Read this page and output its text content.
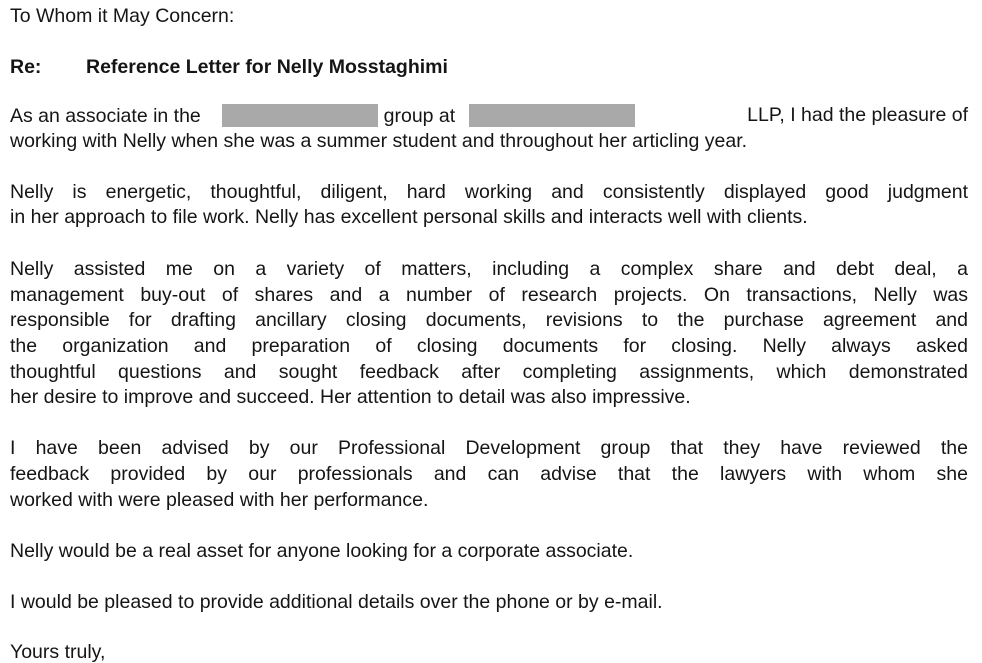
To Whom it May Concern:
Re: Reference Letter for Nelly Mosstaghimi
As an associate in the	group at	LLP, I had the pleasure of
working with Nelly when she was a summer student and throughout her articling year.
Nelly is energetic, thoughtful, diligent, hard working and consistently displayed good judgment
in her approach to file work. Nelly has excellent personal skills and interacts well with clients.
Nelly assisted me on a variety of matters, including a complex share and debt deal, a
management buy-out of shares and a number of research projects. On transactions, Nelly was
responsible for drafting ancillary closing documents, revisions to the purchase agreement and
the organization and preparation of closing documents for closing. Nelly always asked
thoughtful questions and sought feedback after completing assignments, which demonstrated
her desire to improve and succeed. Her attention to detail was also impressive.
I have been advised by our Professional Development group that they have reviewed the
feedback provided by our professionals and can advise that the lawyers with whom she
worked with were pleased with her performance.
Nelly would be a real asset for anyone looking for a corporate associate.
I would be pleased to provide additional details over the phone or by e-mail.
Yours truly,
